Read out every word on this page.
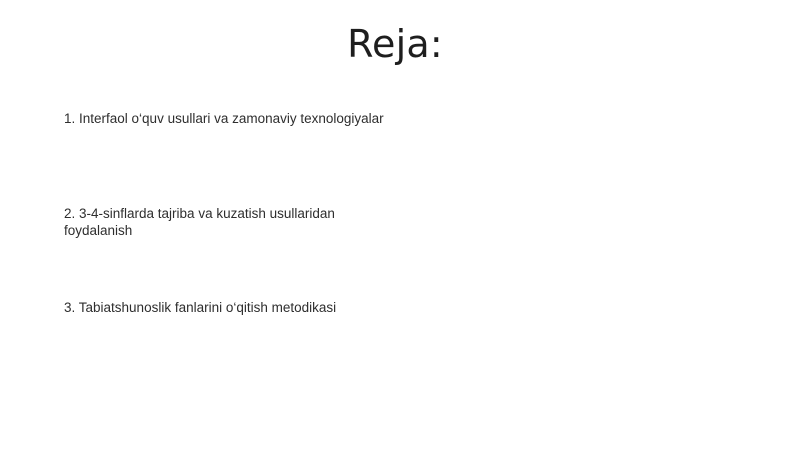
Reja:

1. Interfaol o‘quv usullari va zamonaviy texnologiyalar

2. 3-4-sinflarda tajriba va kuzatish usullaridan foydalanish

3. Tabiatshunoslik fanlarini o‘qitish metodikasi
